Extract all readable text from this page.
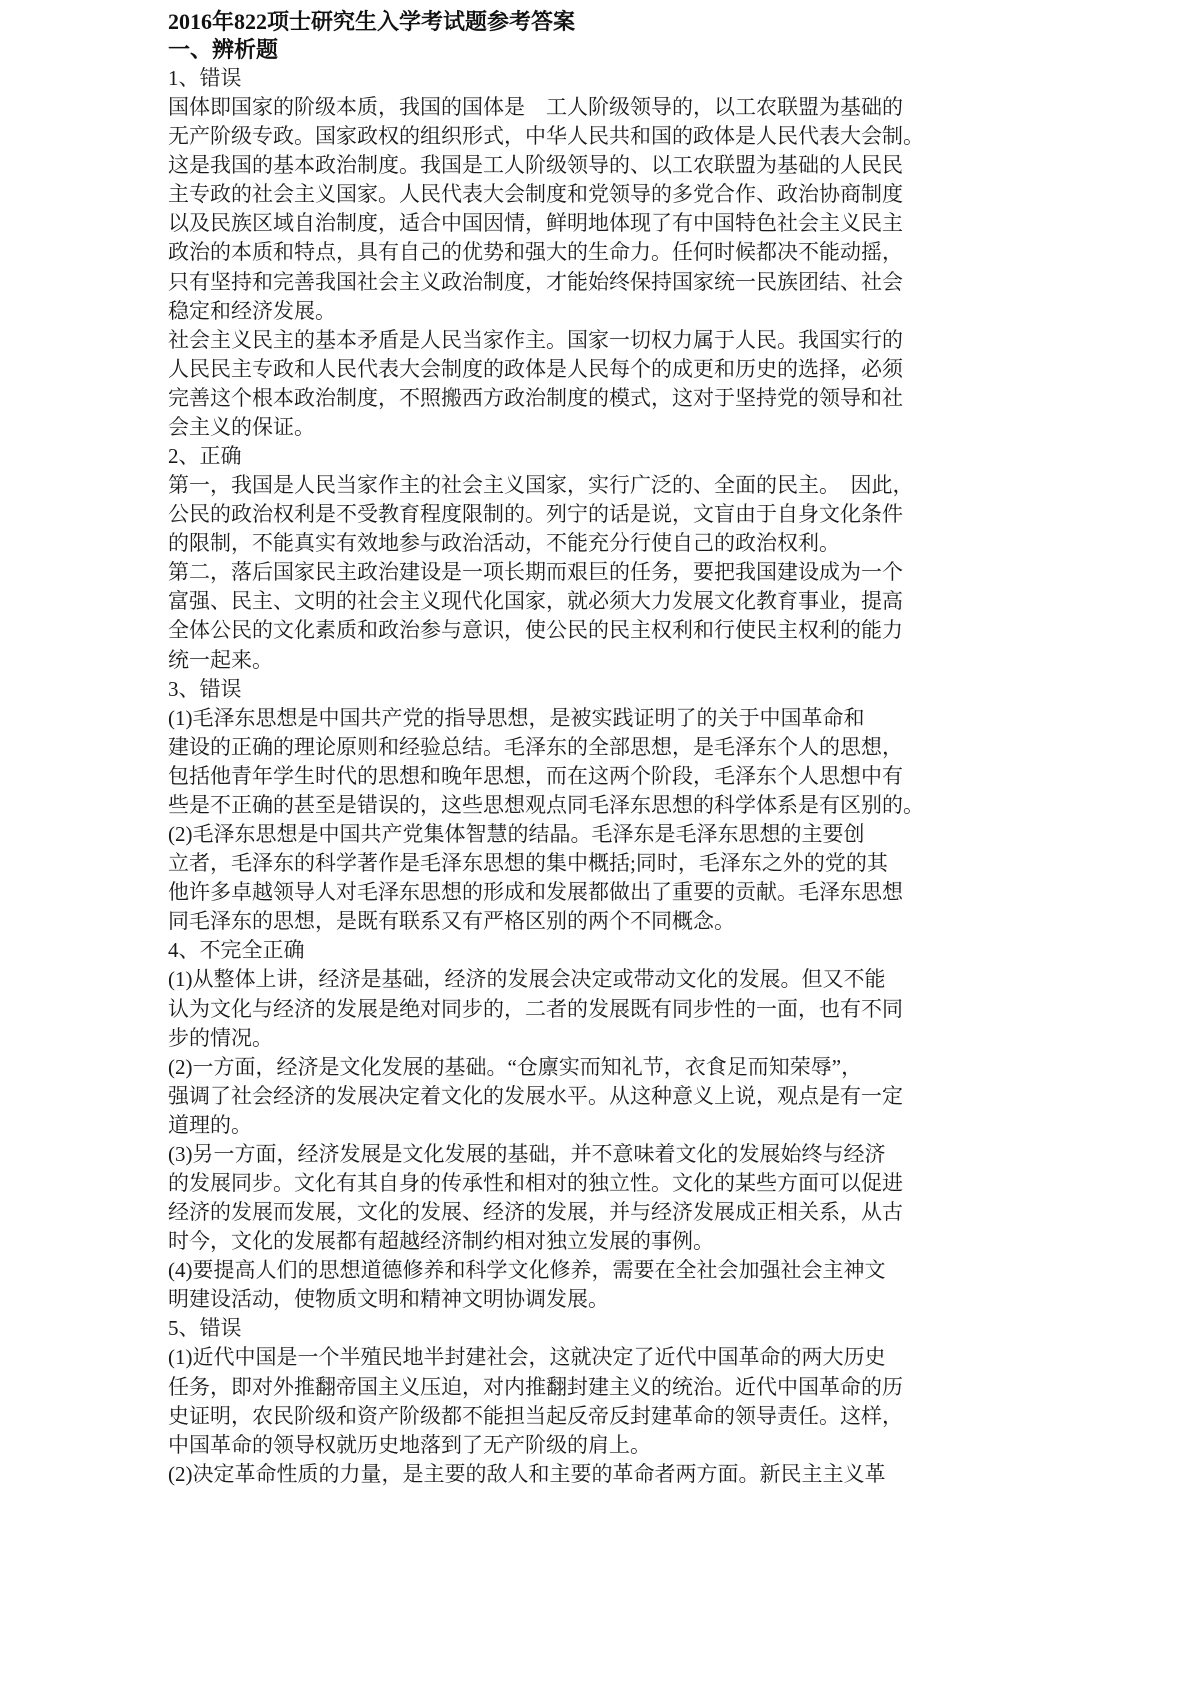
2016年822项士研究生入学考试题参考答案
一、辨析题
1、错误
国体即国家的阶级本质，我国的国体是　工人阶级领导的，以工农联盟为基础的
无产阶级专政。国家政权的组织形式，中华人民共和国的政体是人民代表大会制。
这是我国的基本政治制度。我国是工人阶级领导的、以工农联盟为基础的人民民
主专政的社会主义国家。人民代表大会制度和党领导的多党合作、政治协商制度
以及民族区域自治制度，适合中国因情，鲜明地体现了有中国特色社会主义民主
政治的本质和特点，具有自己的优势和强大的生命力。任何时候都决不能动摇，
只有坚持和完善我国社会主义政治制度，才能始终保持国家统一民族团结、社会
稳定和经济发展。
社会主义民主的基本矛盾是人民当家作主。国家一切权力属于人民。我国实行的
人民民主专政和人民代表大会制度的政体是人民每个的成更和历史的选择，必须
完善这个根本政治制度，不照搬西方政治制度的模式，这对于坚持党的领导和社
会主义的保证。
2、正确
第一，我国是人民当家作主的社会主义国家，实行广泛的、全面的民主。　因此，
公民的政治权利是不受教育程度限制的。列宁的话是说，文盲由于自身文化条件
的限制，不能真实有效地参与政治活动，不能充分行使自己的政治权利。
第二，落后国家民主政治建设是一项长期而艰巨的任务，要把我国建设成为一个
富强、民主、文明的社会主义现代化国家，就必须大力发展文化教育事业，提高
全体公民的文化素质和政治参与意识，使公民的民主权利和行使民主权利的能力
统一起来。
3、错误
(1)毛泽东思想是中国共产党的指导思想，是被实践证明了的关于中国革命和
建设的正确的理论原则和经验总结。毛泽东的全部思想，是毛泽东个人的思想，
包括他青年学生时代的思想和晚年思想，而在这两个阶段，毛泽东个人思想中有
些是不正确的甚至是错误的，这些思想观点同毛泽东思想的科学体系是有区别的。
(2)毛泽东思想是中国共产党集体智慧的结晶。毛泽东是毛泽东思想的主要创
立者，毛泽东的科学著作是毛泽东思想的集中概括;同时，毛泽东之外的党的其
他许多卓越领导人对毛泽东思想的形成和发展都做出了重要的贡献。毛泽东思想
同毛泽东的思想，是既有联系又有严格区别的两个不同概念。
4、不完全正确
(1)从整体上讲，经济是基础，经济的发展会决定或带动文化的发展。但又不能
认为文化与经济的发展是绝对同步的，二者的发展既有同步性的一面，也有不同
步的情况。
(2)一方面，经济是文化发展的基础。“仓廪实而知礼节，衣食足而知荣辱”，
强调了社会经济的发展决定着文化的发展水平。从这种意义上说，观点是有一定
道理的。
(3)另一方面，经济发展是文化发展的基础，并不意味着文化的发展始终与经济
的发展同步。文化有其自身的传承性和相对的独立性。文化的某些方面可以促进
经济的发展而发展，文化的发展、经济的发展，并与经济发展成正相关系，从古
时今，文化的发展都有超越经济制约相对独立发展的事例。
(4)要提高人们的思想道德修养和科学文化修养，需要在全社会加强社会主神文
明建设活动，使物质文明和精神文明协调发展。
5、错误
(1)近代中国是一个半殖民地半封建社会，这就决定了近代中国革命的两大历史
任务，即对外推翻帝国主义压迫，对内推翻封建主义的统治。近代中国革命的历
史证明，农民阶级和资产阶级都不能担当起反帝反封建革命的领导责任。这样，
中国革命的领导权就历史地落到了无产阶级的肩上。
(2)决定革命性质的力量，是主要的敌人和主要的革命者两方面。新民主主义革
